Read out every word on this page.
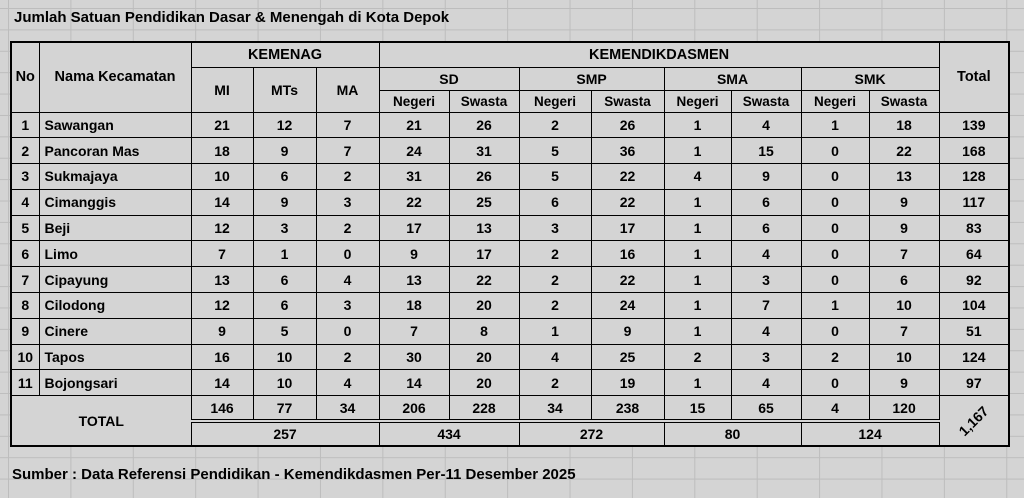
Jumlah Satuan Pendidikan Dasar & Menengah di Kota Depok
No	Nama Kecamatan	KEMENAG			KEMENDIKDASMEN								Total
		MI	MTs	MA	SD		SMP		SMA		SMK		
					Negeri	Swasta	Negeri	Swasta	Negeri	Swasta	Negeri	Swasta	
1	Sawangan	21	12	7	21	26	2	26	1	4	1	18	139
2	Pancoran Mas	18	9	7	24	31	5	36	1	15	0	22	168
3	Sukmajaya	10	6	2	31	26	5	22	4	9	0	13	128
4	Cimanggis	14	9	3	22	25	6	22	1	6	0	9	117
5	Beji	12	3	2	17	13	3	17	1	6	0	9	83
6	Limo	7	1	0	9	17	2	16	1	4	0	7	64
7	Cipayung	13	6	4	13	22	2	22	1	3	0	6	92
8	Cilodong	12	6	3	18	20	2	24	1	7	1	10	104
9	Cinere	9	5	0	7	8	1	9	1	4	0	7	51
10	Tapos	16	10	2	30	20	4	25	2	3	2	10	124
11	Bojongsari	14	10	4	14	20	2	19	1	4	0	9	97
TOTAL		146	77	34	206	228	34	238	15	65	4	120	1,167
		257			434		272		80		124		
Sumber : Data Referensi Pendidikan - Kemendikdasmen Per-11 Desember 2025
